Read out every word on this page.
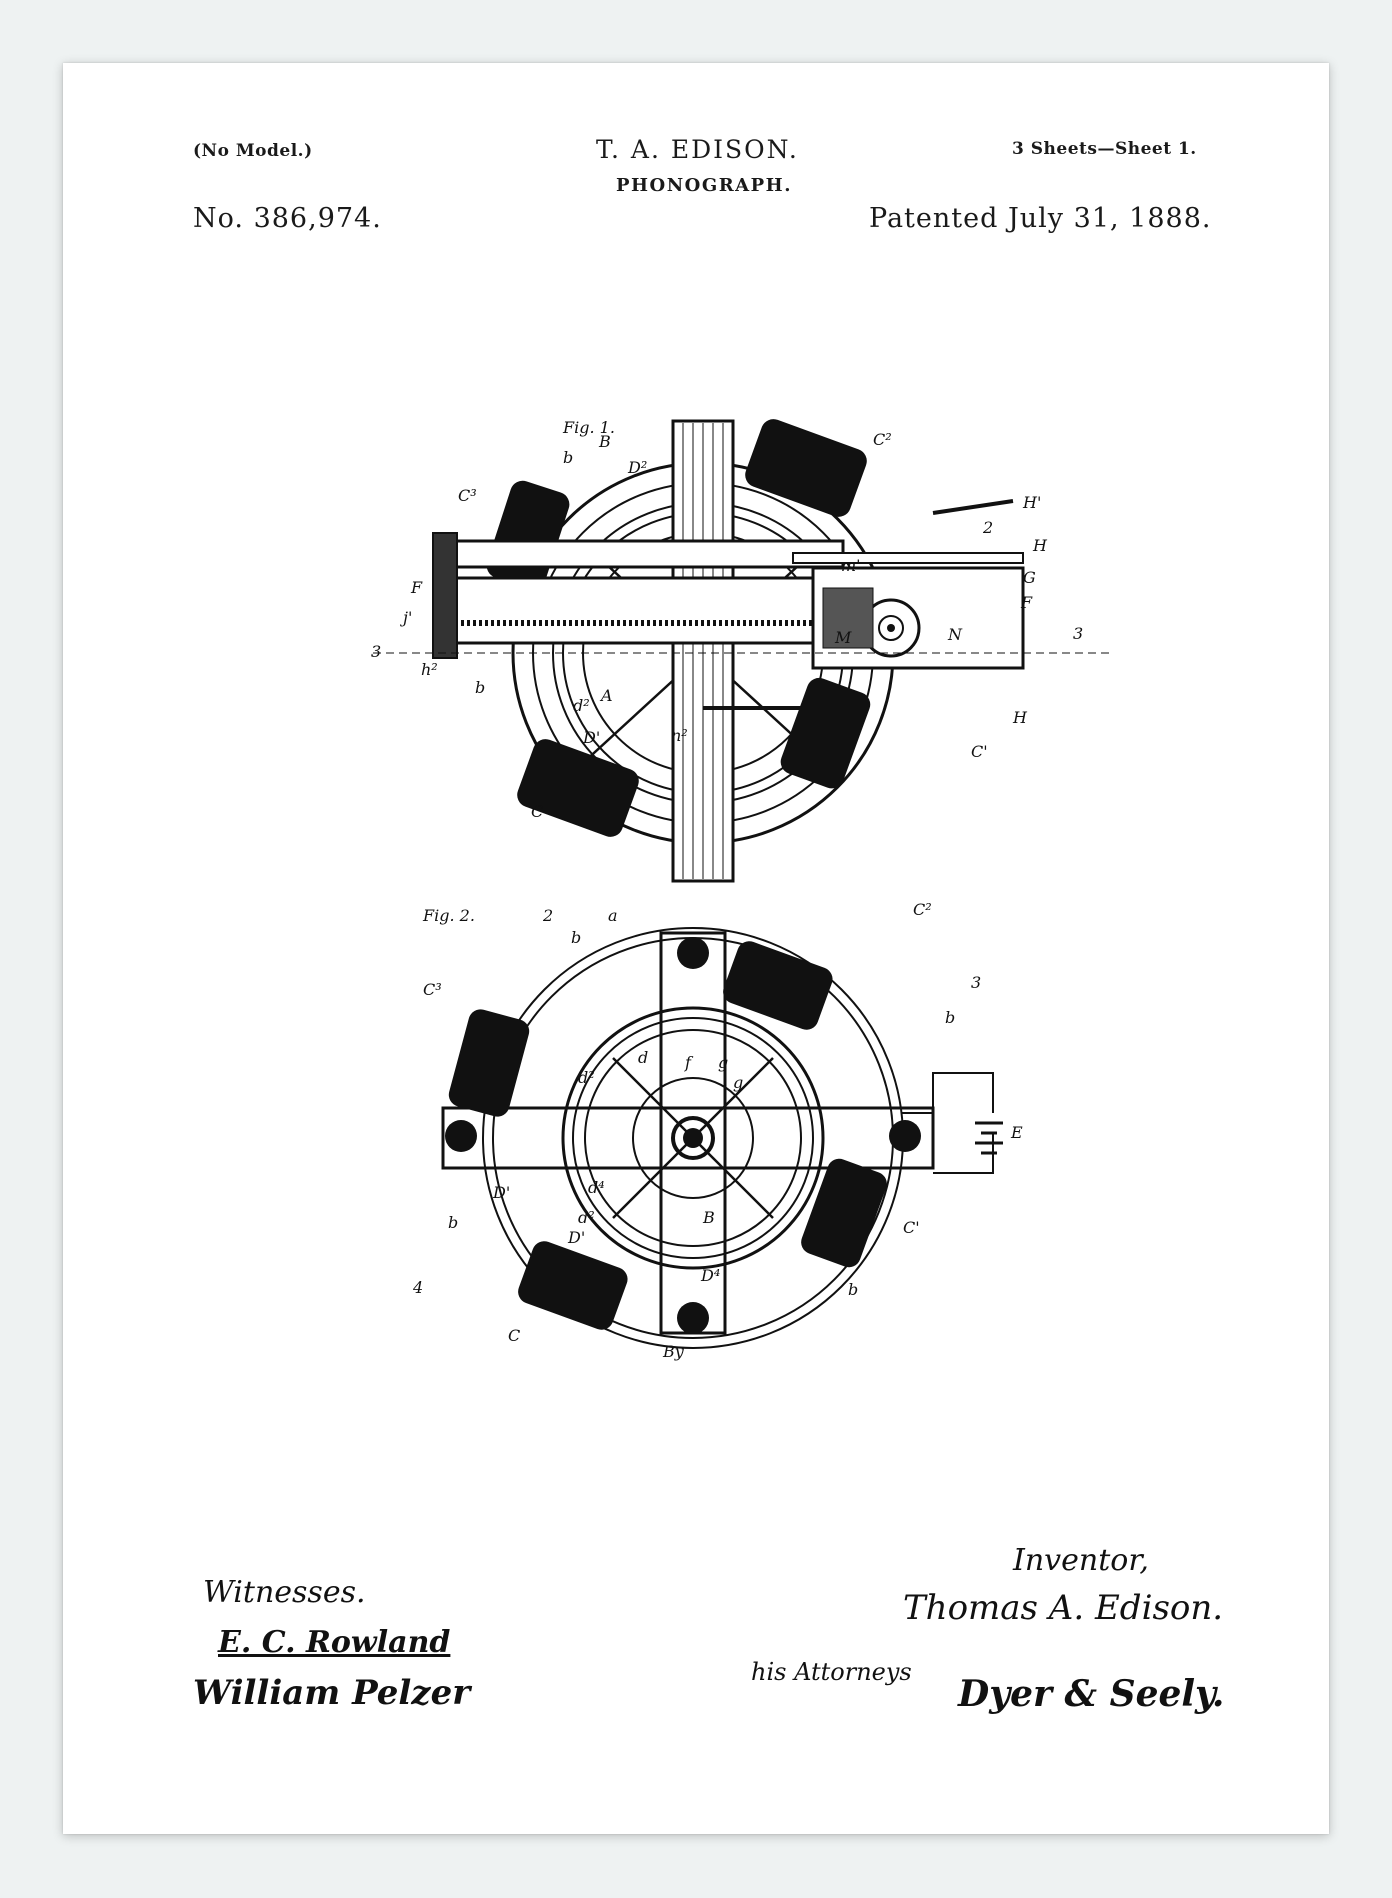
(No Model.)	T. A. EDISON.	3 Sheets—Sheet 1.
PHONOGRAPH.
No. 386,974.	Patented July 31, 1888.
Fig. 1.
B
b
D²
C²
C³	H'
2
H
G
F
F
j'
3
3
h²
d²
A
b
D'	n²
H
C'
C
m'
M	N
Fig. 2.	2	a
b
C²
C³	3
b
d²
d f g
g
E
D'	d⁴
b	d²
D'
B
C'
4
D⁴
b
C
By
Witnesses.
E. C. Rowland
William Pelzer
Inventor,
Thomas A. Edison.
his Attorneys
Dyer & Seely.
